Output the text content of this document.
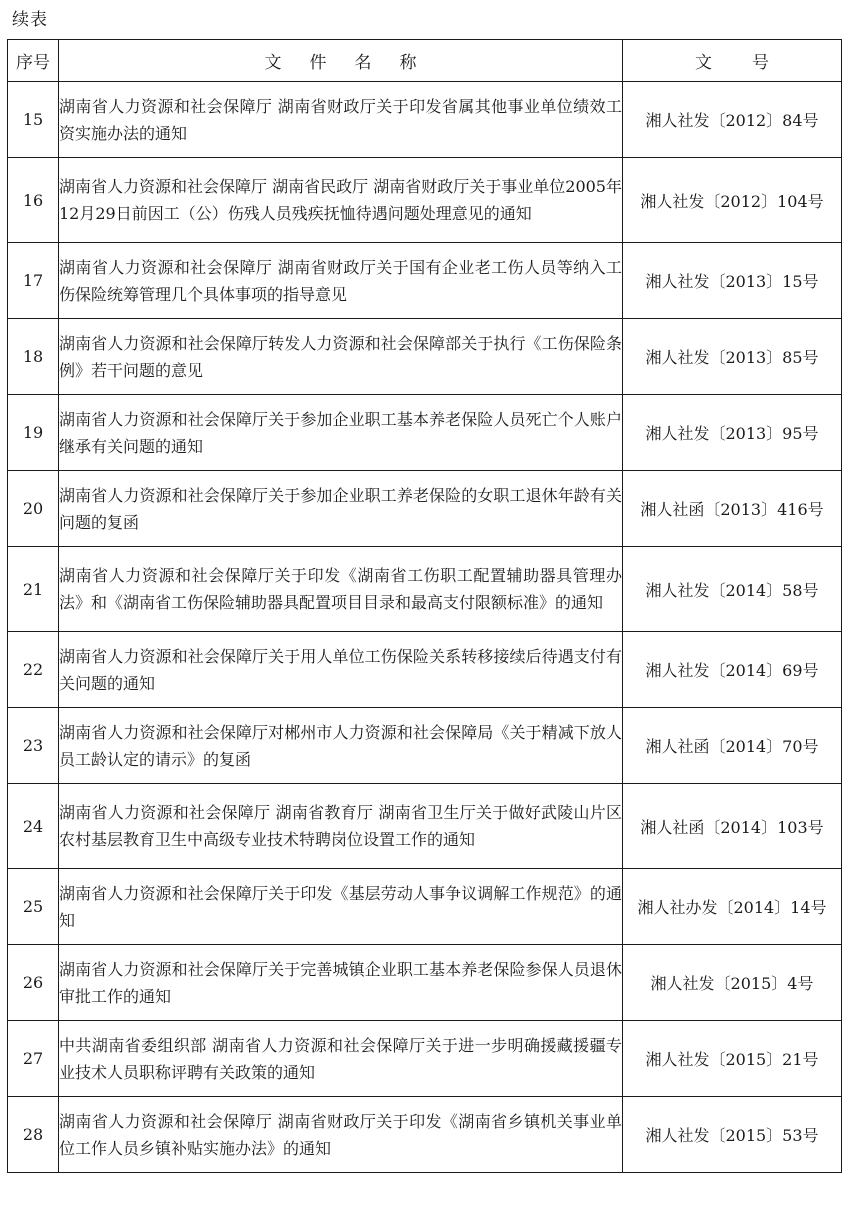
续表
序号	文件名称	文号
15	湖南省人力资源和社会保障厅 湖南省财政厅关于印发省属其他事业单位绩效工资实施办法的通知	湘人社发〔2012〕84号
16	湖南省人力资源和社会保障厅 湖南省民政厅 湖南省财政厅关于事业单位2005年12月29日前因工（公）伤残人员残疾抚恤待遇问题处理意见的通知	湘人社发〔2012〕104号
17	湖南省人力资源和社会保障厅 湖南省财政厅关于国有企业老工伤人员等纳入工伤保险统筹管理几个具体事项的指导意见	湘人社发〔2013〕15号
18	湖南省人力资源和社会保障厅转发人力资源和社会保障部关于执行《工伤保险条例》若干问题的意见	湘人社发〔2013〕85号
19	湖南省人力资源和社会保障厅关于参加企业职工基本养老保险人员死亡个人账户继承有关问题的通知	湘人社发〔2013〕95号
20	湖南省人力资源和社会保障厅关于参加企业职工养老保险的女职工退休年龄有关问题的复函	湘人社函〔2013〕416号
21	湖南省人力资源和社会保障厅关于印发《湖南省工伤职工配置辅助器具管理办法》和《湖南省工伤保险辅助器具配置项目目录和最高支付限额标准》的通知	湘人社发〔2014〕58号
22	湖南省人力资源和社会保障厅关于用人单位工伤保险关系转移接续后待遇支付有关问题的通知	湘人社发〔2014〕69号
23	湖南省人力资源和社会保障厅对郴州市人力资源和社会保障局《关于精减下放人员工龄认定的请示》的复函	湘人社函〔2014〕70号
24	湖南省人力资源和社会保障厅 湖南省教育厅 湖南省卫生厅关于做好武陵山片区农村基层教育卫生中高级专业技术特聘岗位设置工作的通知	湘人社函〔2014〕103号
25	湖南省人力资源和社会保障厅关于印发《基层劳动人事争议调解工作规范》的通知	湘人社办发〔2014〕14号
26	湖南省人力资源和社会保障厅关于完善城镇企业职工基本养老保险参保人员退休审批工作的通知	湘人社发〔2015〕4号
27	中共湖南省委组织部 湖南省人力资源和社会保障厅关于进一步明确援藏援疆专业技术人员职称评聘有关政策的通知	湘人社发〔2015〕21号
28	湖南省人力资源和社会保障厅 湖南省财政厅关于印发《湖南省乡镇机关事业单位工作人员乡镇补贴实施办法》的通知	湘人社发〔2015〕53号
